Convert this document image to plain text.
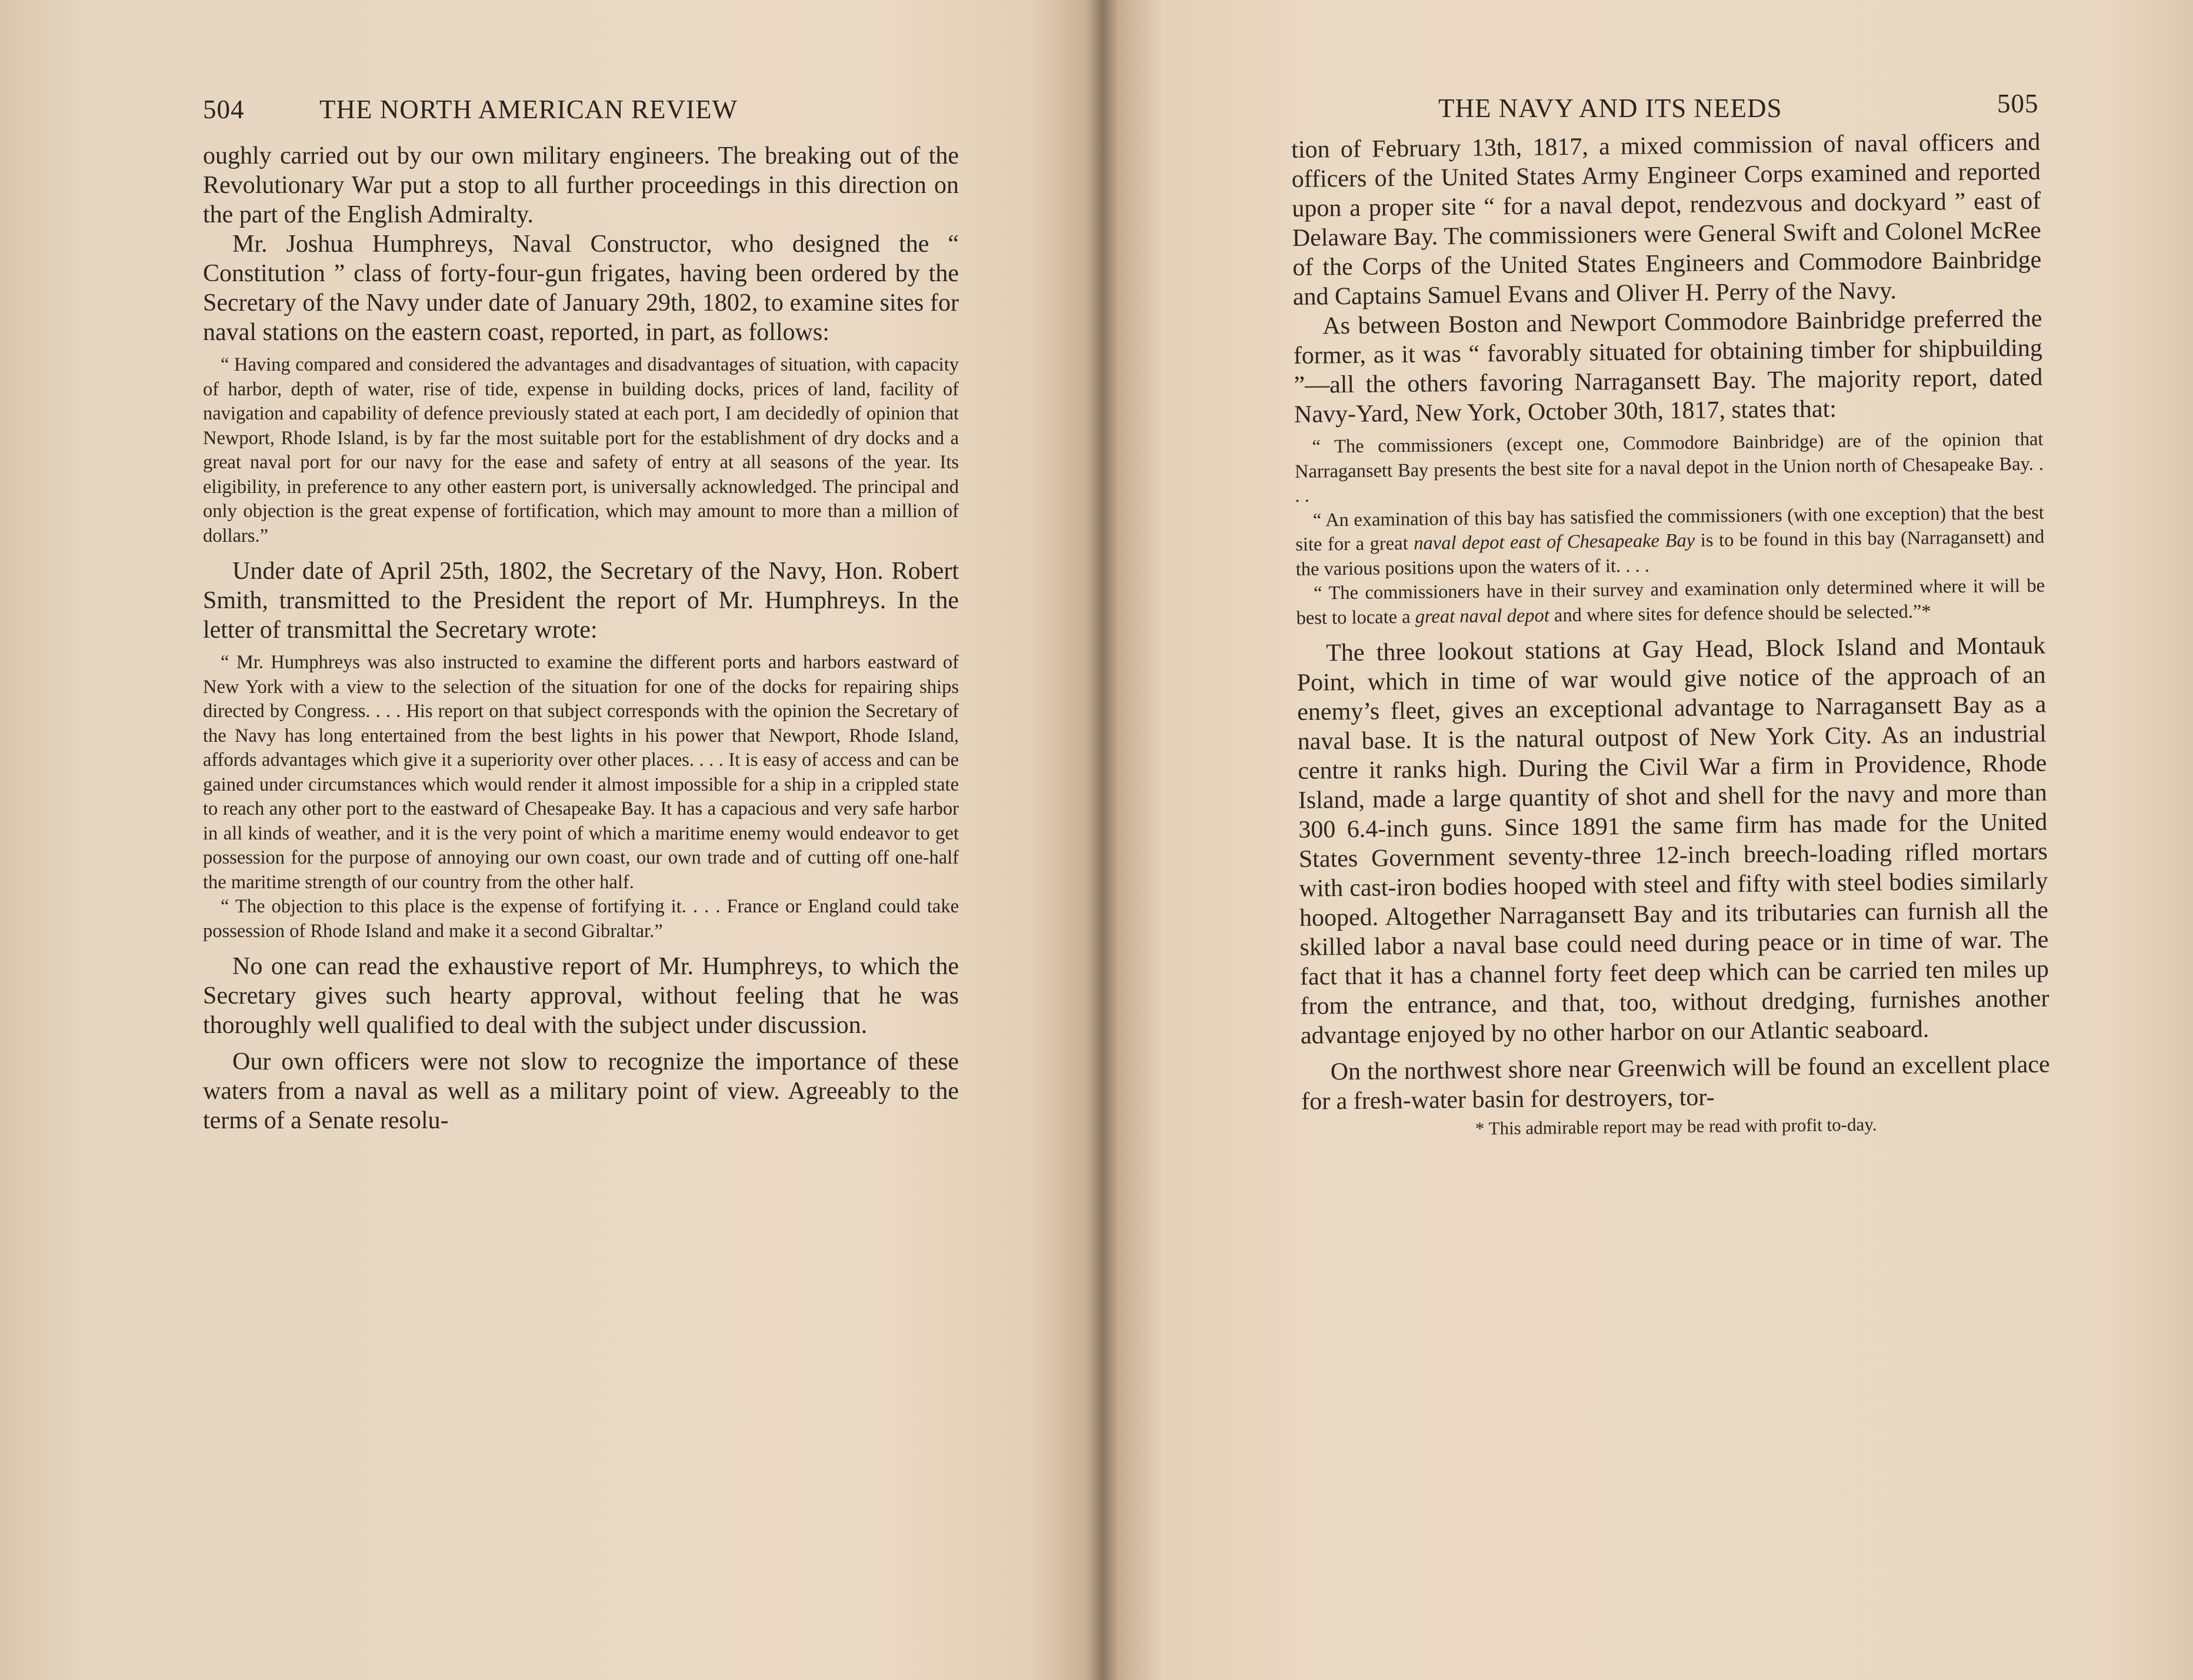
504	THE NORTH AMERICAN REVIEW

oughly carried out by our own military engineers. The breaking out of the Revolutionary War put a stop to all further proceedings in this direction on the part of the English Admiralty.

Mr. Joshua Humphreys, Naval Constructor, who designed the “ Constitution ” class of forty-four-gun frigates, having been ordered by the Secretary of the Navy under date of January 29th, 1802, to examine sites for naval stations on the eastern coast, reported, in part, as follows:

“ Having compared and considered the advantages and disadvantages of situation, with capacity of harbor, depth of water, rise of tide, expense in building docks, prices of land, facility of navigation and capability of defence previously stated at each port, I am decidedly of opinion that Newport, Rhode Island, is by far the most suitable port for the establishment of dry docks and a great naval port for our navy for the ease and safety of entry at all seasons of the year. Its eligibility, in preference to any other eastern port, is universally acknowledged. The principal and only objection is the great expense of fortification, which may amount to more than a million of dollars.”

Under date of April 25th, 1802, the Secretary of the Navy, Hon. Robert Smith, transmitted to the President the report of Mr. Humphreys. In the letter of transmittal the Secretary wrote:

“ Mr. Humphreys was also instructed to examine the different ports and harbors eastward of New York with a view to the selection of the situation for one of the docks for repairing ships directed by Congress. . . . His report on that subject corresponds with the opinion the Secretary of the Navy has long entertained from the best lights in his power that Newport, Rhode Island, affords advantages which give it a superiority over other places. . . . It is easy of access and can be gained under circumstances which would render it almost impossible for a ship in a crippled state to reach any other port to the eastward of Chesapeake Bay. It has a capacious and very safe harbor in all kinds of weather, and it is the very point of which a maritime enemy would endeavor to get possession for the purpose of annoying our own coast, our own trade and of cutting off one-half the maritime strength of our country from the other half.

“ The objection to this place is the expense of fortifying it. . . . France or England could take possession of Rhode Island and make it a second Gibraltar.”

No one can read the exhaustive report of Mr. Humphreys, to which the Secretary gives such hearty approval, without feeling that he was thoroughly well qualified to deal with the subject under discussion.

Our own officers were not slow to recognize the importance of these waters from a naval as well as a military point of view. Agreeably to the terms of a Senate resolu-

THE NAVY AND ITS NEEDS	505

tion of February 13th, 1817, a mixed commission of naval officers and officers of the United States Army Engineer Corps examined and reported upon a proper site “ for a naval depot, rendezvous and dockyard ” east of Delaware Bay. The commissioners were General Swift and Colonel McRee of the Corps of the United States Engineers and Commodore Bainbridge and Captains Samuel Evans and Oliver H. Perry of the Navy.

As between Boston and Newport Commodore Bainbridge preferred the former, as it was “ favorably situated for obtaining timber for shipbuilding ”—all the others favoring Narragansett Bay. The majority report, dated Navy-Yard, New York, October 30th, 1817, states that:

“ The commissioners (except one, Commodore Bainbridge) are of the opinion that Narragansett Bay presents the best site for a naval depot in the Union north of Chesapeake Bay. . . .

“ An examination of this bay has satisfied the commissioners (with one exception) that the best site for a great naval depot east of Chesapeake Bay is to be found in this bay (Narragansett) and the various positions upon the waters of it. . . .

“ The commissioners have in their survey and examination only determined where it will be best to locate a great naval depot and where sites for defence should be selected.”*

The three lookout stations at Gay Head, Block Island and Montauk Point, which in time of war would give notice of the approach of an enemy’s fleet, gives an exceptional advantage to Narragansett Bay as a naval base. It is the natural outpost of New York City. As an industrial centre it ranks high. During the Civil War a firm in Providence, Rhode Island, made a large quantity of shot and shell for the navy and more than 300 6.4-inch guns. Since 1891 the same firm has made for the United States Government seventy-three 12-inch breech-loading rifled mortars with cast-iron bodies hooped with steel and fifty with steel bodies similarly hooped. Altogether Narragansett Bay and its tributaries can furnish all the skilled labor a naval base could need during peace or in time of war. The fact that it has a channel forty feet deep which can be carried ten miles up from the entrance, and that, too, without dredging, furnishes another advantage enjoyed by no other harbor on our Atlantic seaboard.

On the northwest shore near Greenwich will be found an excellent place for a fresh-water basin for destroyers, tor-

* This admirable report may be read with profit to-day.
